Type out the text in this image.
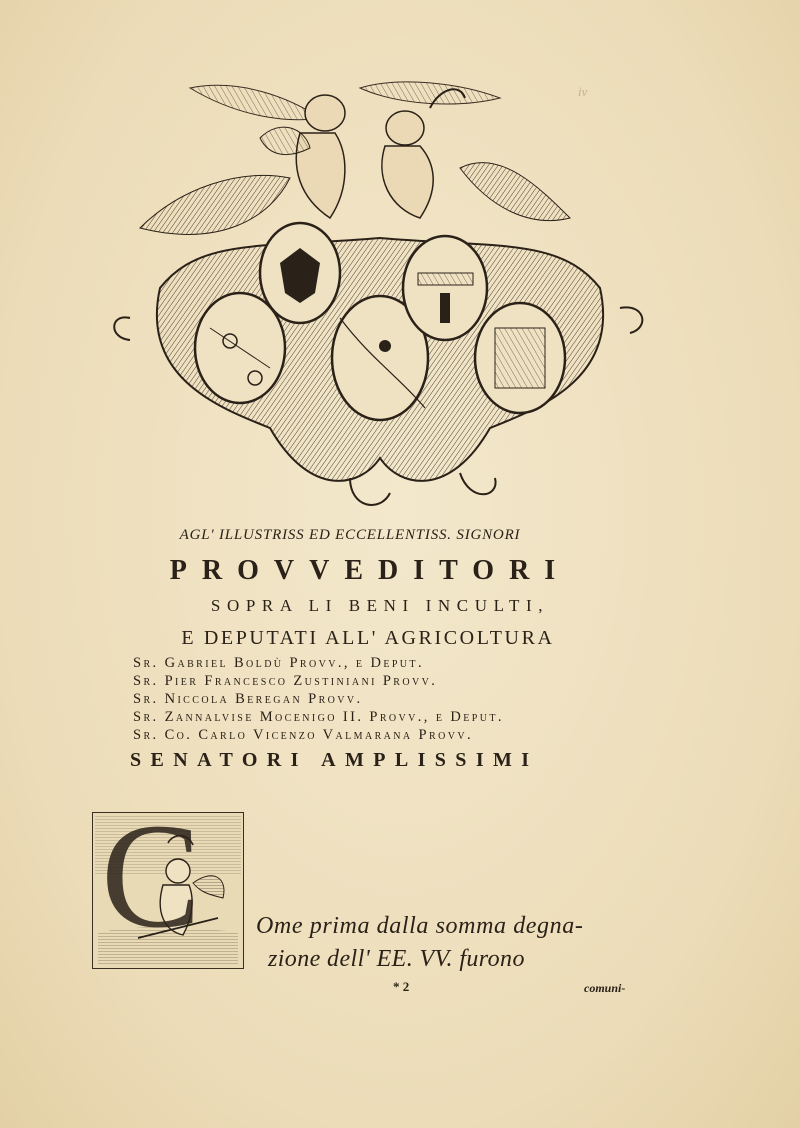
iv

AGL' ILLUSTRISS ED ECCELLENTISS. SIGNORI
PROVVEDITORI
SOPRA LI BENI INCULTI,
E DEPUTATI ALL' AGRICOLTURA
Sr. Gabriel Boldù Provv., e Deput.
Sr. Pier Francesco Zustiniani Provv.
Sr. Niccola Beregan Provv.
Sr. Zannalvise Mocenigo II. Provv., e Deput.
Sr. Co. Carlo Vicenzo Valmarana Provv.
SENATORI AMPLISSIMI
C Ome prima dalla somma degna-
zione dell' EE. VV. furono
* 2	comuni-
